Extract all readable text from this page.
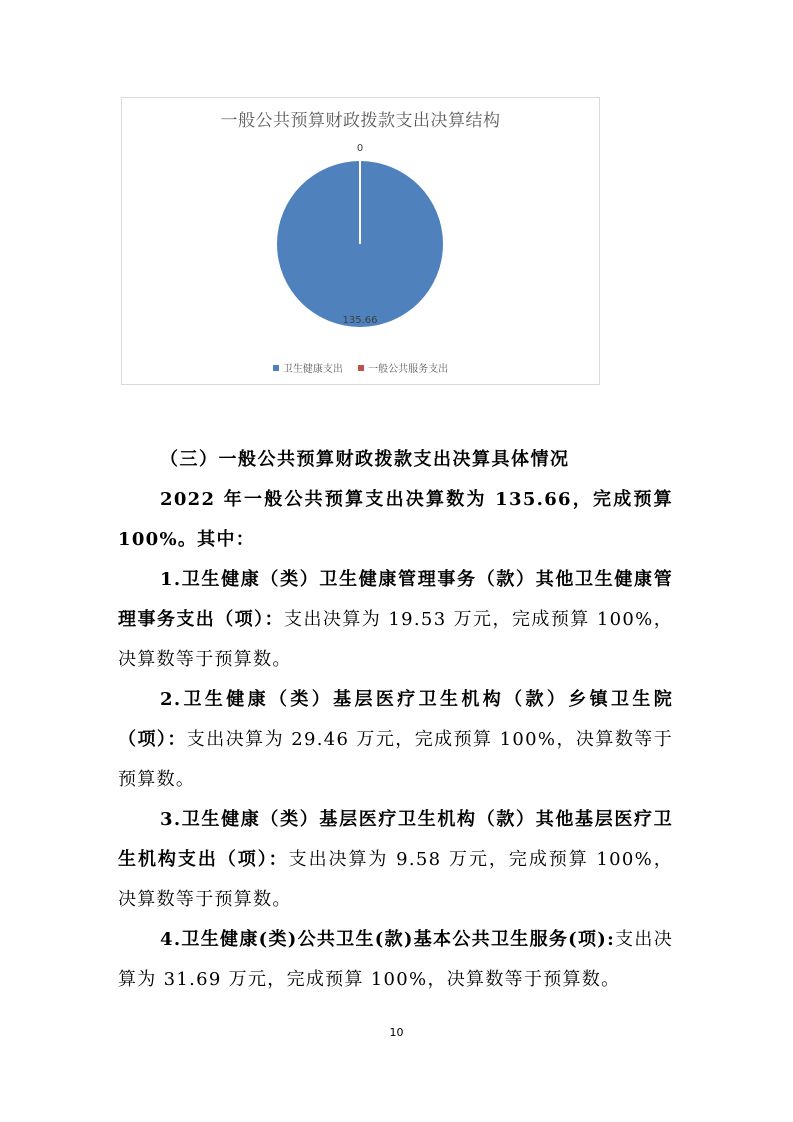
一般公共预算财政拨款支出决算结构
135.66
0
卫生健康支出	一般公共服务支出
（三）一般公共预算财政拨款支出决算具体情况

2022 年一般公共预算支出决算数为 135.66，完成预算 100%。其中：

1.卫生健康（类）卫生健康管理事务（款）其他卫生健康管理事务支出（项）：支出决算为 19.53 万元，完成预算 100%，决算数等于预算数。

2.卫生健康（类）基层医疗卫生机构（款）乡镇卫生院（项）：支出决算为 29.46 万元，完成预算 100%，决算数等于预算数。

3.卫生健康（类）基层医疗卫生机构（款）其他基层医疗卫生机构支出（项）：支出决算为 9.58 万元，完成预算 100%，决算数等于预算数。

4.卫生健康(类)公共卫生(款)基本公共卫生服务(项):支出决算为 31.69 万元，完成预算 100%，决算数等于预算数。

10
